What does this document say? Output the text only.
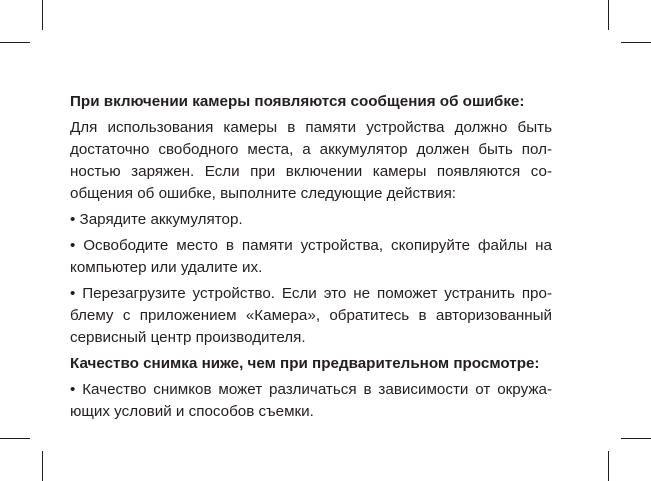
При включении камеры появляются сообщения об ошибке:

Для использования камеры в памяти устройства должно быть достаточно свободного места, а аккумулятор должен быть полностью заряжен. Если при включении камеры появляются сообщения об ошибке, выполните следующие действия:

• Зарядите аккумулятор.

• Освободите место в памяти устройства, скопируйте файлы на компьютер или удалите их.

• Перезагрузите устройство. Если это не поможет устранить проблему с приложением «Камера», обратитесь в авторизованный сервисный центр производителя.

Качество снимка ниже, чем при предварительном просмотре:

• Качество снимков может различаться в зависимости от окружающих условий и способов съемки.
